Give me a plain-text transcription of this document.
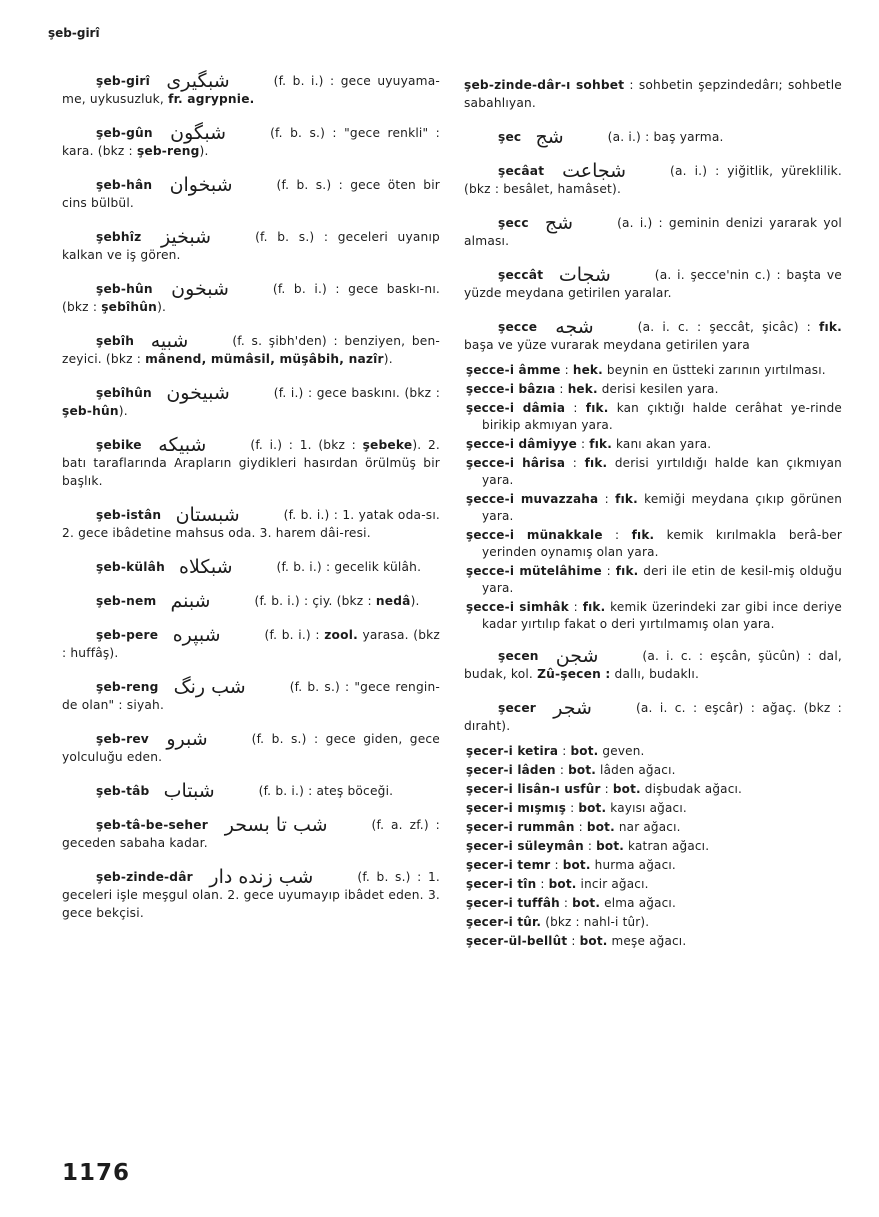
şeb-girî

şeb-girî شبگیری	(f. b. i.) : gece uyuyama-me, uykusuzluk, fr. agrypnie.

şeb-gûn شبگون	(f. b. s.) : "gece renkli" : kara. (bkz : şeb-reng).

şeb-hân شبخوان	(f. b. s.) : gece öten bir cins bülbül.

şebhîz شبخیز	(f. b. s.) : geceleri uyanıp kalkan ve iş gören.

şeb-hûn شبخون	(f. b. i.) : gece baskı-nı. (bkz : şebîhûn).

şebîh شبیه	(f. s. şibh'den) : benziyen, ben-zeyici. (bkz : mânend, mümâsil, müşâbih, nazîr).

şebîhûn شبیخون	(f. i.) : gece baskını. (bkz : şeb-hûn).

şebike شبیكه	(f. i.) : 1. (bkz : şebeke). 2. batı taraflarında Arapların giydikleri hasırdan örülmüş bir başlık.

şeb-istân شبستان	(f. b. i.) : 1. yatak oda-sı. 2. gece ibâdetine mahsus oda. 3. harem dâi-resi.

şeb-külâh شبكلاه	(f. b. i.) : gecelik külâh.

şeb-nem شبنم	(f. b. i.) : çiy. (bkz : nedâ).

şeb-pere شبپره	(f. b. i.) : zool. yarasa. (bkz : huffâş).

şeb-reng شب رنگ	(f. b. s.) : "gece rengin-de olan" : siyah.

şeb-rev شبرو	(f. b. s.) : gece giden, gece yolculuğu eden.

şeb-tâb شبتاب	(f. b. i.) : ateş böceği.

şeb-tâ-be-seher شب تا بسحر	(f. a. zf.) : geceden sabaha kadar.

şeb-zinde-dâr شب زنده دار	(f. b. s.) : 1. geceleri işle meşgul olan. 2. gece uyumayıp ibâdet eden. 3. gece bekçisi.

şeb-zinde-dâr-ı sohbet : sohbetin şepzindedârı; sohbetle sabahlıyan.

şec شج	(a. i.) : baş yarma.

şecâat شجاعت	(a. i.) : yiğitlik, yüreklilik. (bkz : besâlet, hamâset).

şecc شج	(a. i.) : geminin denizi yararak yol alması.

şeccât شجات	(a. i. şecce'nin c.) : başta ve yüzde meydana getirilen yaralar.

şecce شجه	(a. i. c. : şeccât, şicâc) : fık. başa ve yüze vurarak meydana getirilen yara

şecce-i âmme : hek. beynin en üstteki zarının yırtılması.

şecce-i bâzıa : hek. derisi kesilen yara.

şecce-i dâmia : fık. kan çıktığı halde cerâhat ye-rinde birikip akmıyan yara.

şecce-i dâmiyye : fık. kanı akan yara.

şecce-i hârisa : fık. derisi yırtıldığı halde kan çıkmıyan yara.

şecce-i muvazzaha : fık. kemiği meydana çıkıp görünen yara.

şecce-i münakkale : fık. kemik kırılmakla berâ-ber yerinden oynamış olan yara.

şecce-i mütelâhime : fık. deri ile etin de kesil-miş olduğu yara.

şecce-i simhâk : fık. kemik üzerindeki zar gibi ince deriye kadar yırtılıp fakat o deri yırtılmamış olan yara.

şecen شجن	(a. i. c. : eşcân, şücûn) : dal, budak, kol. Zû-şecen : dallı, budaklı.

şecer شجر	(a. i. c. : eşcâr) : ağaç. (bkz : dıraht).

şecer-i ketira : bot. geven.

şecer-i lâden : bot. lâden ağacı.

şecer-i lisân-ı usfûr : bot. dişbudak ağacı.

şecer-i mışmış : bot. kayısı ağacı.

şecer-i rummân : bot. nar ağacı.

şecer-i süleymân : bot. katran ağacı.

şecer-i temr : bot. hurma ağacı.

şecer-i tîn : bot. incir ağacı.

şecer-i tuffâh : bot. elma ağacı.

şecer-i tûr. (bkz : nahl-i tûr).

şecer-ül-bellût : bot. meşe ağacı.

1176
